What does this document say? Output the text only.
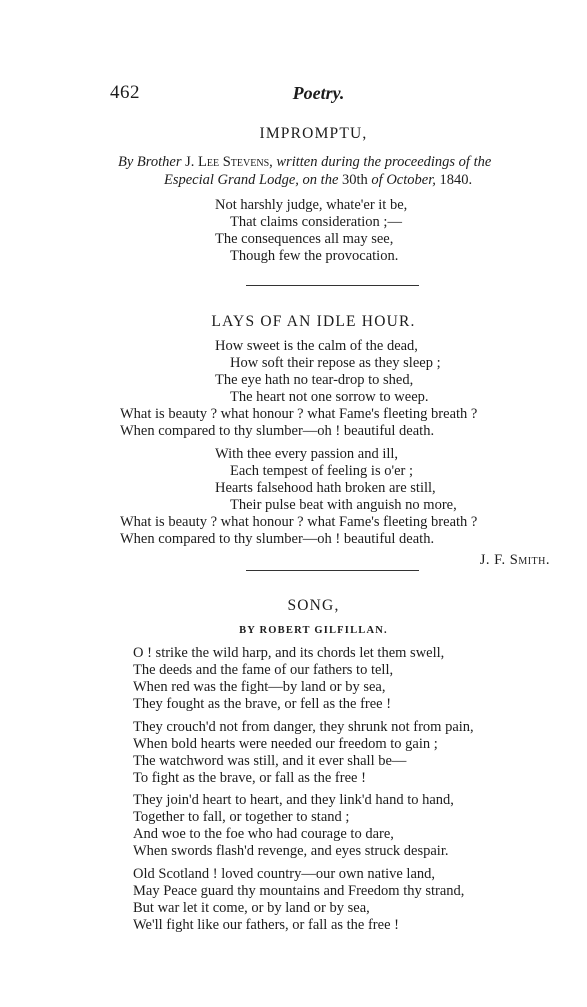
462	Poetry.
IMPROMPTU,
By Brother J. Lee Stevens, written during the proceedings of the
Especial Grand Lodge, on the 30th of October, 1840.
Not harshly judge, whate'er it be,
That claims consideration ;—
The consequences all may see,
Though few the provocation.
LAYS OF AN IDLE HOUR.
How sweet is the calm of the dead,
How soft their repose as they sleep ;
The eye hath no tear-drop to shed,
The heart not one sorrow to weep.
What is beauty ? what honour ? what Fame's fleeting breath ?
When compared to thy slumber—oh ! beautiful death.
With thee every passion and ill,
Each tempest of feeling is o'er ;
Hearts falsehood hath broken are still,
Their pulse beat with anguish no more,
What is beauty ? what honour ? what Fame's fleeting breath ?
When compared to thy slumber—oh ! beautiful death.
J. F. Smith.
SONG,
BY ROBERT GILFILLAN.
O ! strike the wild harp, and its chords let them swell,
The deeds and the fame of our fathers to tell,
When red was the fight—by land or by sea,
They fought as the brave, or fell as the free !
They crouch'd not from danger, they shrunk not from pain,
When bold hearts were needed our freedom to gain ;
The watchword was still, and it ever shall be—
To fight as the brave, or fall as the free !
They join'd heart to heart, and they link'd hand to hand,
Together to fall, or together to stand ;
And woe to the foe who had courage to dare,
When swords flash'd revenge, and eyes struck despair.
Old Scotland ! loved country—our own native land,
May Peace guard thy mountains and Freedom thy strand,
But war let it come, or by land or by sea,
We'll fight like our fathers, or fall as the free !
